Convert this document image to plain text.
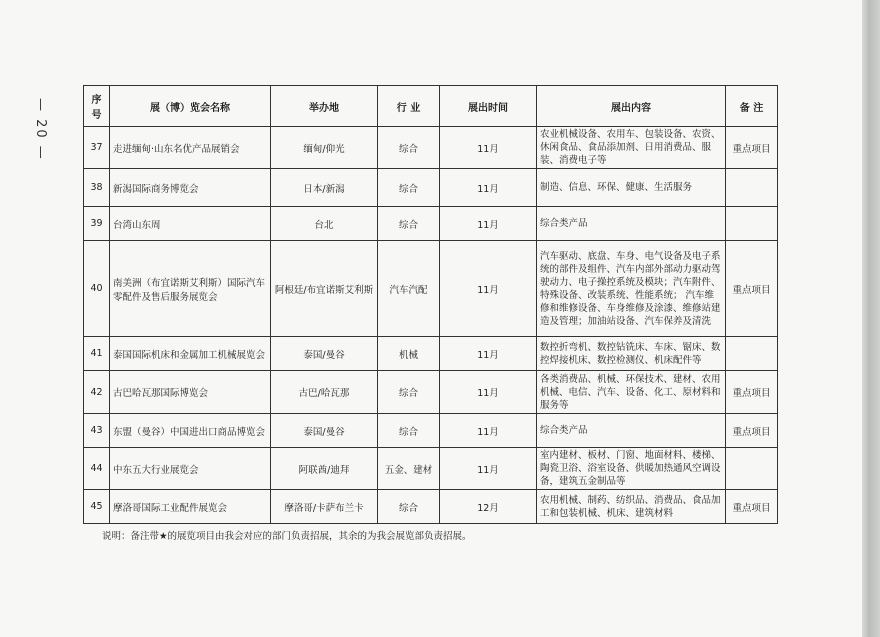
— 20 —	序号	展（博）览会名称	举办地	行 业	展出时间	展出内容	备 注
37	走进缅甸·山东名优产品展销会	缅甸/仰光	综合	11月	农业机械设备、农用车、包装设备、农资、休闲食品、食品添加剂、日用消费品、服装、消费电子等	重点项目
38	新潟国际商务博览会	日本/新潟	综合	11月	制造、信息、环保、健康、生活服务	
39	台湾山东周	台北	综合	11月	综合类产品	
40	南美洲（布宜诺斯艾利斯）国际汽车零配件及售后服务展览会	阿根廷/布宜诺斯艾利斯	汽车汽配	11月	汽车驱动、底盘、车身、电气设备及电子系统的部件及组件、汽车内部外部动力驱动驾驶动力、电子操控系统及模块；汽车附件、特殊设备、改装系统、性能系统； 汽车维修和维修设备、车身维修及涂漆、维修站建造及管理；加油站设备、汽车保养及清洗	重点项目
41	泰国国际机床和金属加工机械展览会	泰国/曼谷	机械	11月	数控折弯机、数控钻铣床、车床、锯床、数控焊接机床、数控检测仪、机床配件等	
42	古巴哈瓦那国际博览会	古巴/哈瓦那	综合	11月	各类消费品、机械、环保技术、建材、农用机械、电信、汽车、设备、化工、原材料和服务等	重点项目
43	东盟（曼谷）中国进出口商品博览会	泰国/曼谷	综合	11月	综合类产品	重点项目
44	中东五大行业展览会	阿联酋/迪拜	五金、建材	11月	室内建材、板材、门窗、地面材料、楼梯、陶瓷卫浴、浴室设备、供暖加热通风空调设备，建筑五金制品等	
45	摩洛哥国际工业配件展览会	摩洛哥/卡萨布兰卡	综合	12月	农用机械、制药、纺织品、消费品、食品加工和包装机械、机床、建筑材料	重点项目
说明：备注带★的展览项目由我会对应的部门负责招展，其余的为我会展览部负责招展。
